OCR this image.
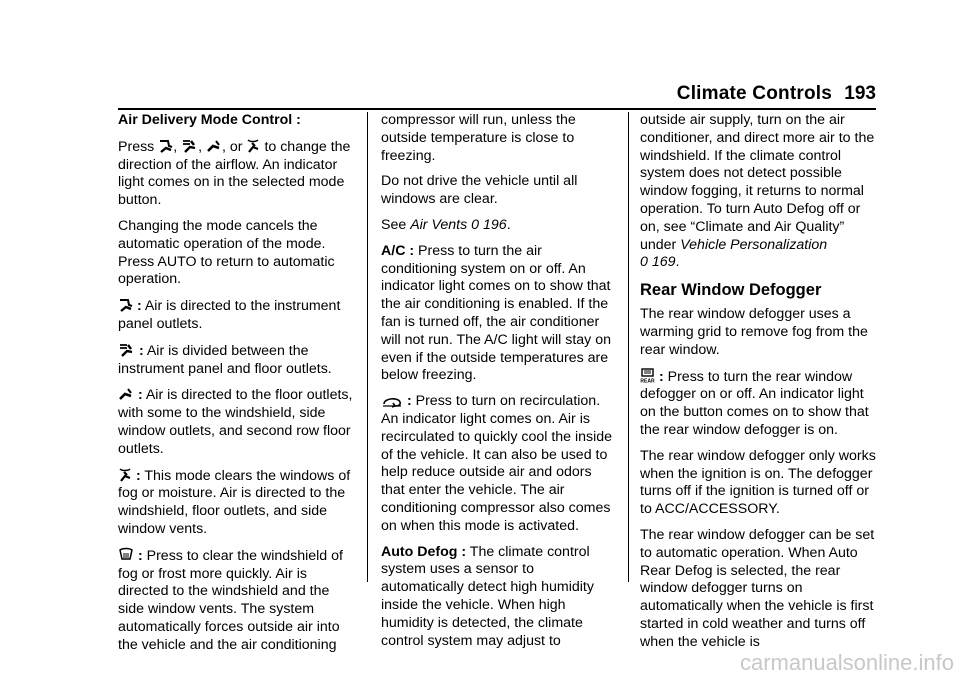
Climate Controls 193

Air Delivery Mode Control :

Press , , , or to change the direction of the airflow. An indicator light comes on in the selected mode button.

Changing the mode cancels the automatic operation of the mode. Press AUTO to return to automatic operation.

: Air is directed to the instrument panel outlets.

: Air is divided between the instrument panel and floor outlets.

: Air is directed to the floor outlets, with some to the windshield, side window outlets, and second row floor outlets.

: This mode clears the windows of fog or moisture. Air is directed to the windshield, floor outlets, and side window vents.

: Press to clear the windshield of fog or frost more quickly. Air is directed to the windshield and the side window vents. The system automatically forces outside air into the vehicle and the air conditioning

compressor will run, unless the outside temperature is close to freezing.

Do not drive the vehicle until all windows are clear.

See Air Vents 0 196.

A/C : Press to turn the air conditioning system on or off. An indicator light comes on to show that the air conditioning is enabled. If the fan is turned off, the air conditioner will not run. The A/C light will stay on even if the outside temperatures are below freezing.

: Press to turn on recirculation. An indicator light comes on. Air is recirculated to quickly cool the inside of the vehicle. It can also be used to help reduce outside air and odors that enter the vehicle. The air conditioning compressor also comes on when this mode is activated.

Auto Defog : The climate control system uses a sensor to automatically detect high humidity inside the vehicle. When high humidity is detected, the climate control system may adjust to

outside air supply, turn on the air conditioner, and direct more air to the windshield. If the climate control system does not detect possible window fogging, it returns to normal operation. To turn Auto Defog off or on, see “Climate and Air Quality” under Vehicle Personalization
0 169.

Rear Window Defogger

The rear window defogger uses a warming grid to remove fog from the rear window.

REAR : Press to turn the rear window defogger on or off. An indicator light on the button comes on to show that the rear window defogger is on.

The rear window defogger only works when the ignition is on. The defogger turns off if the ignition is turned off or to ACC/ACCESSORY.

The rear window defogger can be set to automatic operation. When Auto Rear Defog is selected, the rear window defogger turns on automatically when the vehicle is first started in cold weather and turns off when the vehicle is

carmanualsonline.info
